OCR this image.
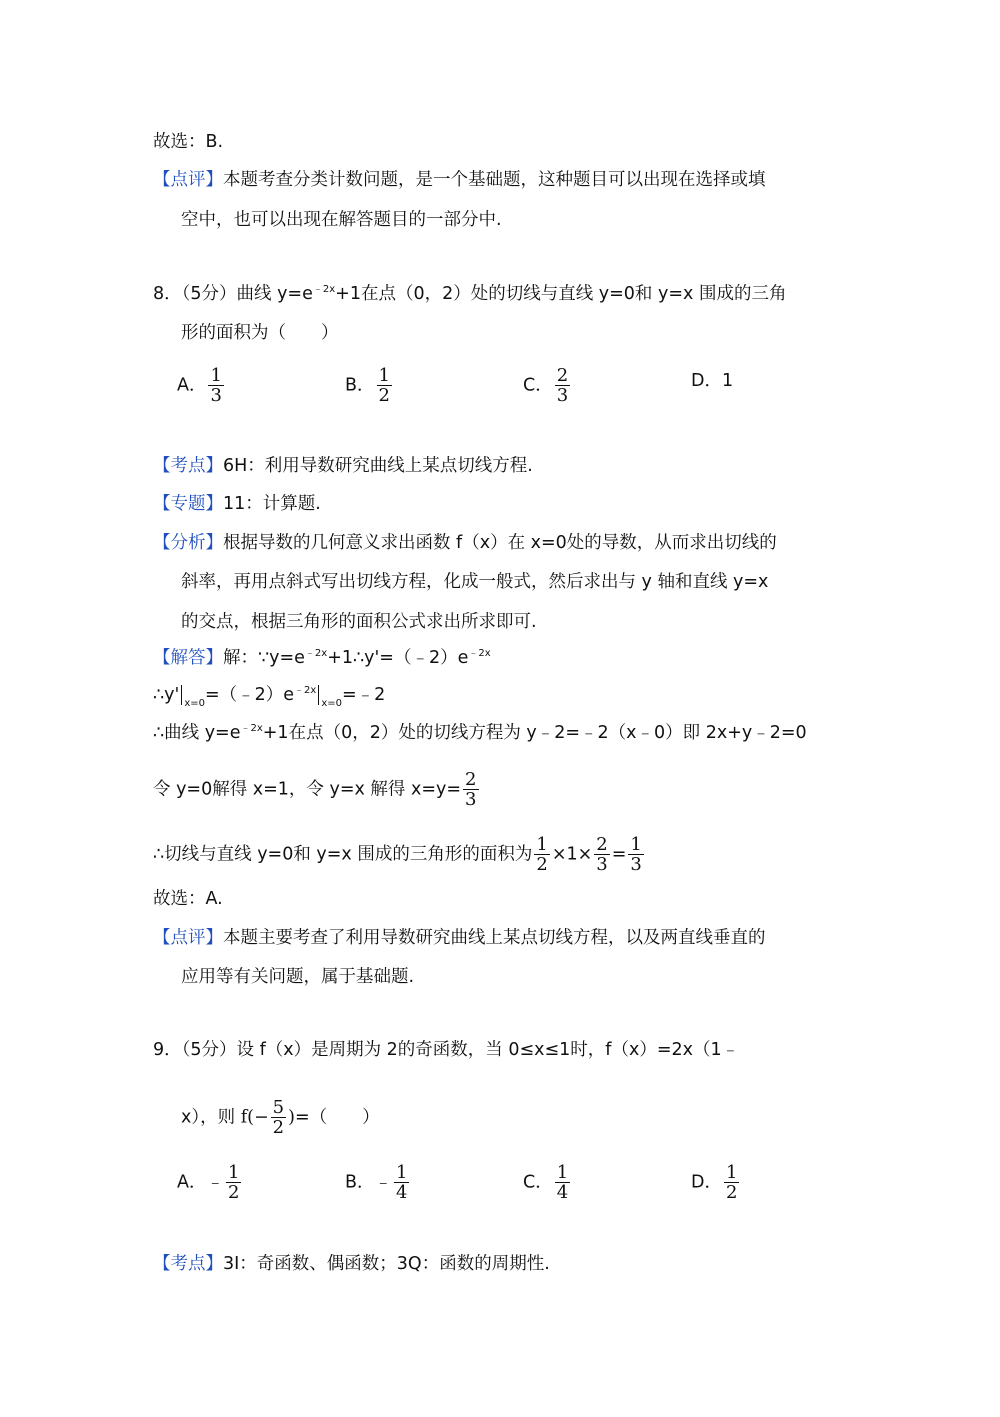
故选：B.
【点评】本题考查分类计数问题，是一个基础题，这种题目可以出现在选择或填
空中，也可以出现在解答题目的一部分中.
8．（5分）曲线 $y=e^{﹣2x}+1$在点（0，2）处的切线与直线 y=0和 y=x 围成的三角
形的面积为（　　）
A． $\frac{1}{3}$	B． $\frac{1}{2}$	C． $\frac{2}{3}$	D．1
【考点】6H：利用导数研究曲线上某点切线方程.
【专题】11：计算题.
【分析】根据导数的几何意义求出函数 f（x）在 x=0处的导数，从而求出切线的
斜率，再用点斜式写出切线方程，化成一般式，然后求出与 y 轴和直线 y=x
的交点，根据三角形的面积公式求出所求即可.
【解答】解：$\because y=e^{﹣2x}+1\therefore y'=(﹣2)e^{﹣2x}$
∴y' $_{x=0}=(﹣2)e^{﹣2x}_{x=0}=﹣2$
∴曲线 $y=e^{﹣2x}+1$在点（0，2）处的切线方程为 y﹣2=﹣2（x﹣0）即 2x+y﹣2=0
令 y=0解得 x=1，令 y=x 解得 $x=y= \frac{2}{3}$
∴切线与直线 y=0和 y=x 围成的三角形的面积为 $\frac{1}{2} \times 1\times \frac{2}{3} = \frac{1}{3}$
故选：A.
【点评】本题主要考查了利用导数研究曲线上某点切线方程，以及两直线垂直的
应用等有关问题，属于基础题.
9．（5分）设 f（x）是周期为 2的奇函数，当 0≤x≤1时，f（x）=2x（1﹣
x），则 $f(- \frac{5}{2}$ )=（　　）
A．﹣ $\frac{1}{2}$	B．﹣ $\frac{1}{4}$	C． $\frac{1}{4}$	D． $\frac{1}{2}$
【考点】3I：奇函数、偶函数；3Q：函数的周期性.
